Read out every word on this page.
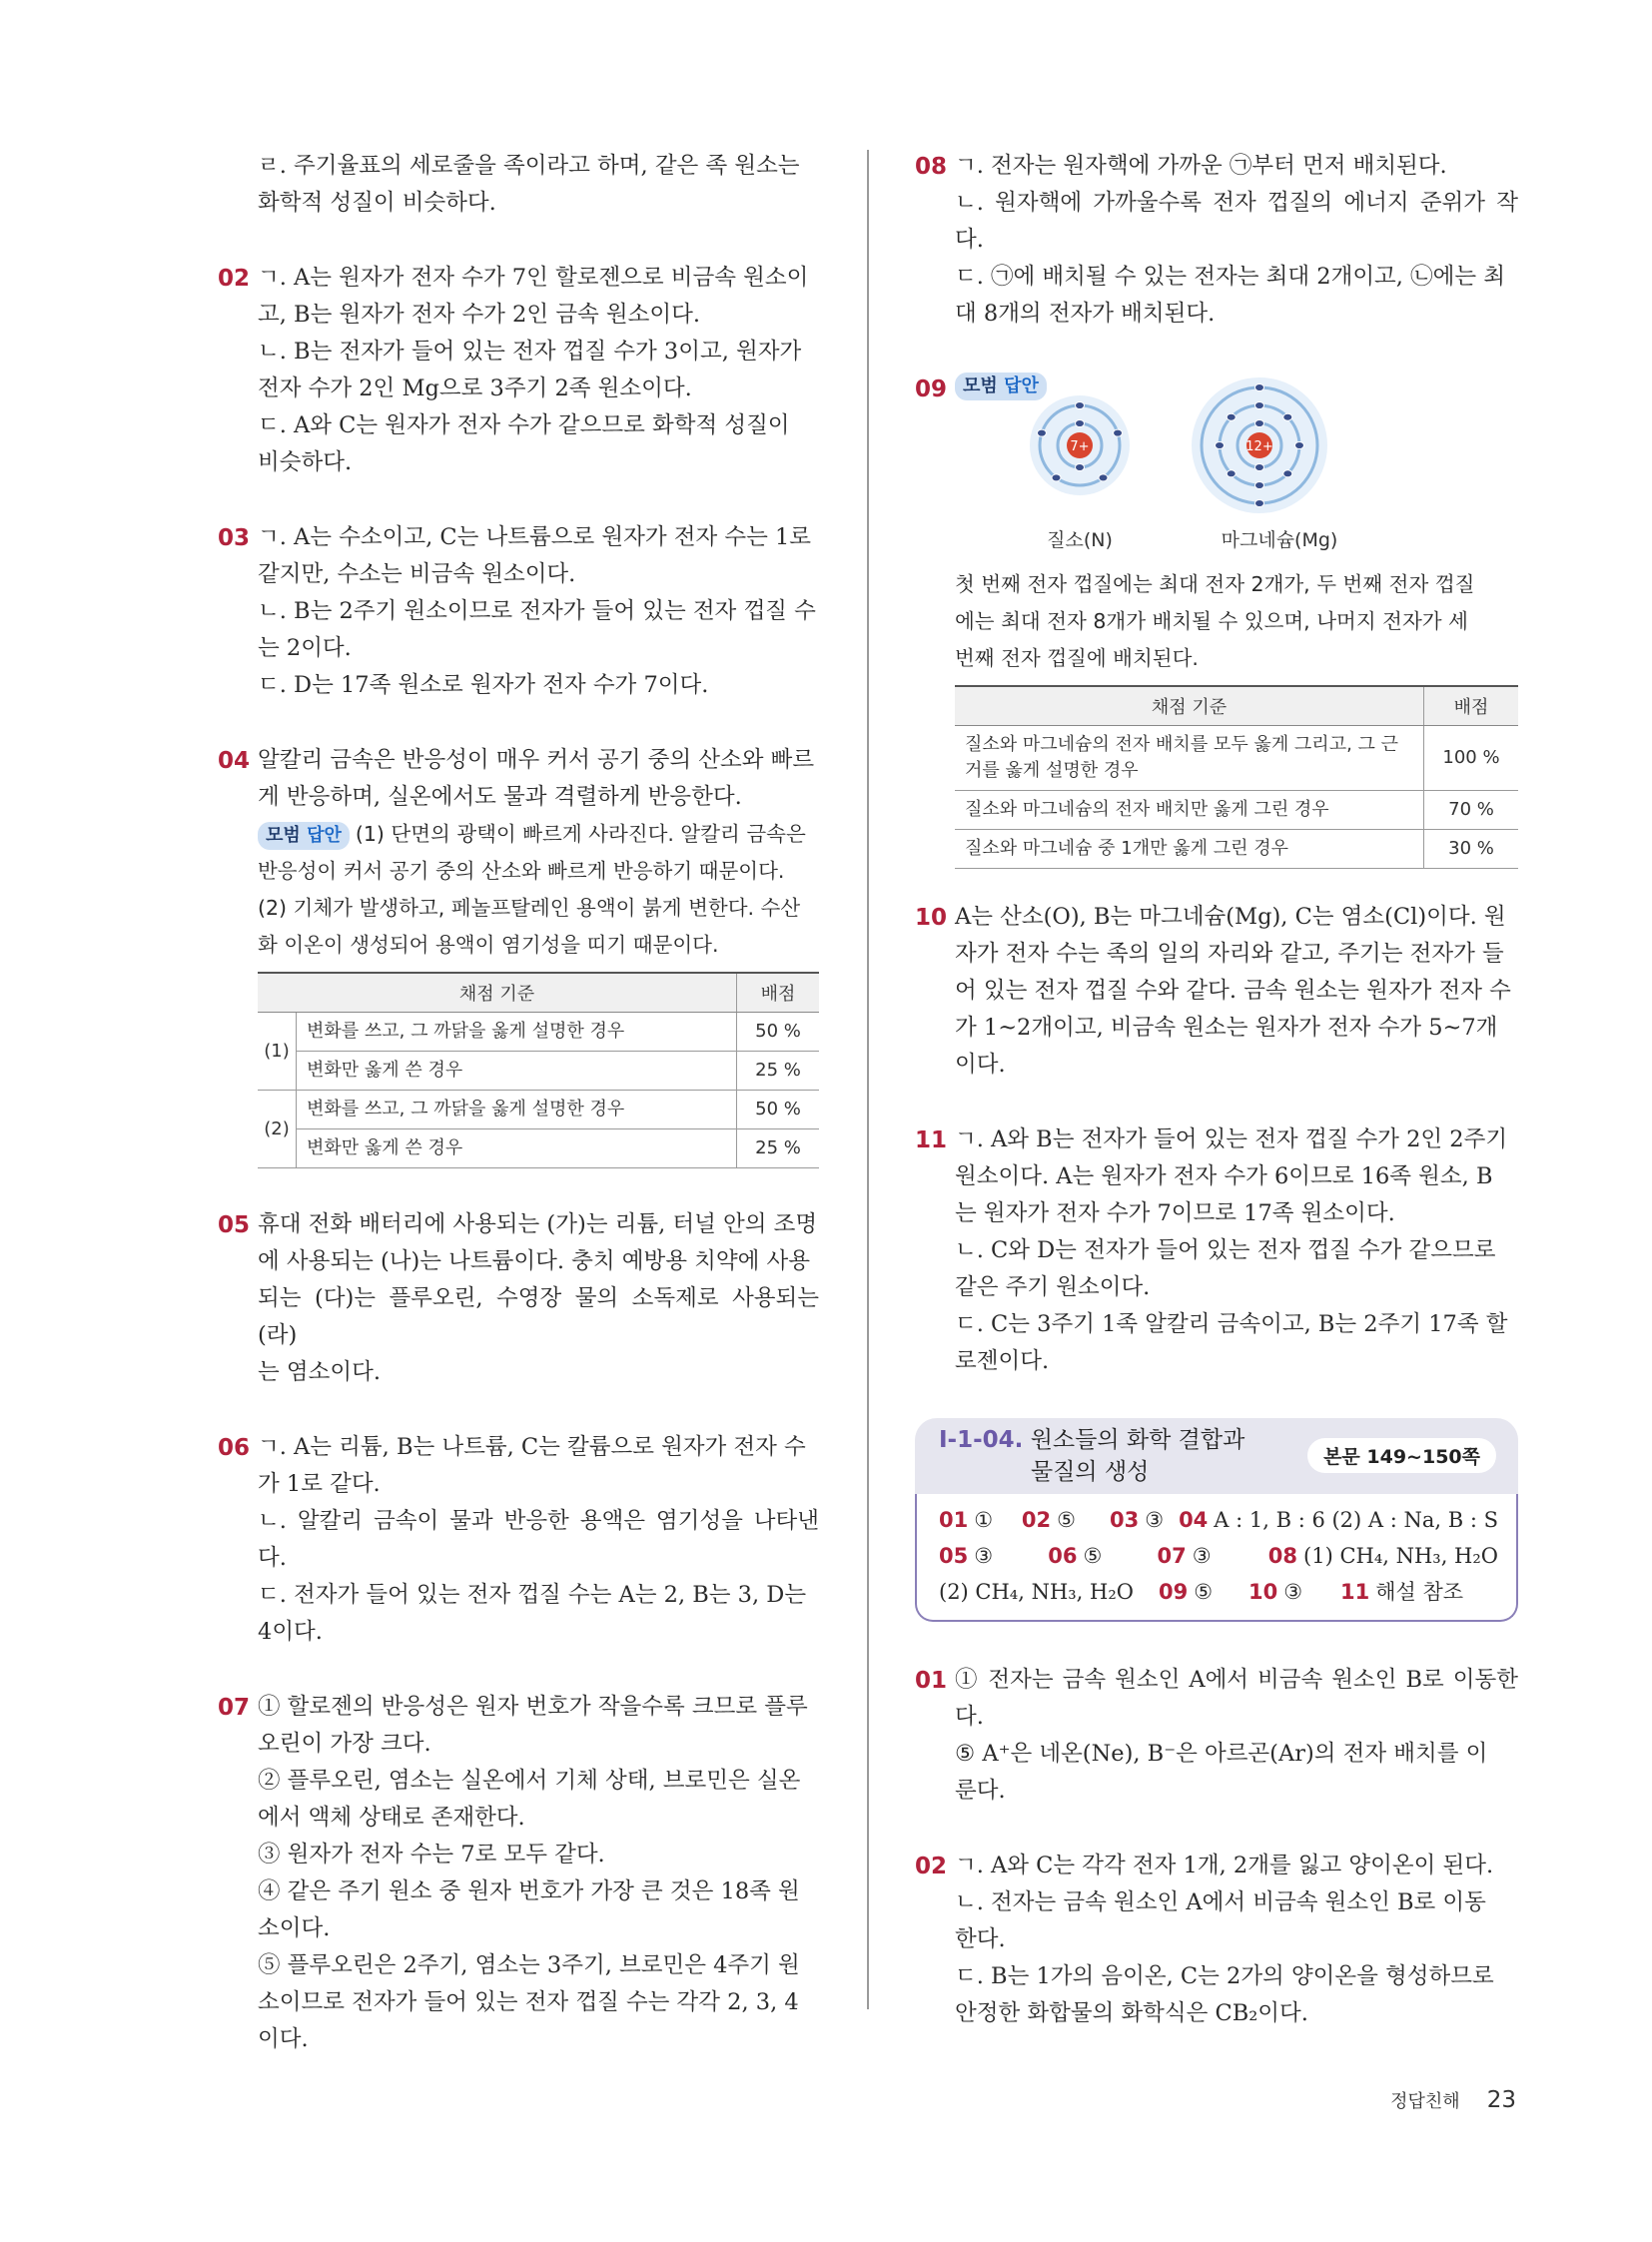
ㄹ. 주기율표의 세로줄을 족이라고 하며, 같은 족 원소는
화학적 성질이 비슷하다.

02 ㄱ. A는 원자가 전자 수가 7인 할로젠으로 비금속 원소이
고, B는 원자가 전자 수가 2인 금속 원소이다.
ㄴ. B는 전자가 들어 있는 전자 껍질 수가 3이고, 원자가
전자 수가 2인 Mg으로 3주기 2족 원소이다.
ㄷ. A와 C는 원자가 전자 수가 같으므로 화학적 성질이
비슷하다.

03 ㄱ. A는 수소이고, C는 나트륨으로 원자가 전자 수는 1로
같지만, 수소는 비금속 원소이다.
ㄴ. B는 2주기 원소이므로 전자가 들어 있는 전자 껍질 수
는 2이다.
ㄷ. D는 17족 원소로 원자가 전자 수가 7이다.

04 알칼리 금속은 반응성이 매우 커서 공기 중의 산소와 빠르
게 반응하며, 실온에서도 물과 격렬하게 반응한다.

모범 답안 (1) 단면의 광택이 빠르게 사라진다. 알칼리 금속은
반응성이 커서 공기 중의 산소와 빠르게 반응하기 때문이다.
(2) 기체가 발생하고, 페놀프탈레인 용액이 붉게 변한다. 수산
화 이온이 생성되어 용액이 염기성을 띠기 때문이다.

채점 기준		배점
(1)	변화를 쓰고, 그 까닭을 옳게 설명한 경우	50 %
	변화만 옳게 쓴 경우	25 %
(2)	변화를 쓰고, 그 까닭을 옳게 설명한 경우	50 %
	변화만 옳게 쓴 경우	25 %
05 휴대 전화 배터리에 사용되는 (가)는 리튬, 터널 안의 조명
에 사용되는 (나)는 나트륨이다. 충치 예방용 치약에 사용
되는 (다)는 플루오린, 수영장 물의 소독제로 사용되는 (라)
는 염소이다.

06 ㄱ. A는 리튬, B는 나트륨, C는 칼륨으로 원자가 전자 수
가 1로 같다.
ㄴ. 알칼리 금속이 물과 반응한 용액은 염기성을 나타낸다.
ㄷ. 전자가 들어 있는 전자 껍질 수는 A는 2, B는 3, D는
4이다.

07 ① 할로젠의 반응성은 원자 번호가 작을수록 크므로 플루
오린이 가장 크다.
② 플루오린, 염소는 실온에서 기체 상태, 브로민은 실온
에서 액체 상태로 존재한다.
③ 원자가 전자 수는 7로 모두 같다.
④ 같은 주기 원소 중 원자 번호가 가장 큰 것은 18족 원
소이다.
⑤ 플루오린은 2주기, 염소는 3주기, 브로민은 4주기 원
소이므로 전자가 들어 있는 전자 껍질 수는 각각 2, 3, 4
이다.

08 ㄱ. 전자는 원자핵에 가까운 ㉠부터 먼저 배치된다.
ㄴ. 원자핵에 가까울수록 전자 껍질의 에너지 준위가 작다.
ㄷ. ㉠에 배치될 수 있는 전자는 최대 2개이고, ㉡에는 최
대 8개의 전자가 배치된다.

09 모범 답안
7+	12+
질소(N)	마그네슘(Mg)

첫 번째 전자 껍질에는 최대 전자 2개가, 두 번째 전자 껍질
에는 최대 전자 8개가 배치될 수 있으며, 나머지 전자가 세
번째 전자 껍질에 배치된다.

채점 기준	배점
질소와 마그네슘의 전자 배치를 모두 옳게 그리고, 그 근거를 옳게 설명한 경우	100 %
질소와 마그네슘의 전자 배치만 옳게 그린 경우	70 %
질소와 마그네슘 중 1개만 옳게 그린 경우	30 %
10 A는 산소(O), B는 마그네슘(Mg), C는 염소(Cl)이다. 원
자가 전자 수는 족의 일의 자리와 같고, 주기는 전자가 들
어 있는 전자 껍질 수와 같다. 금속 원소는 원자가 전자 수
가 1~2개이고, 비금속 원소는 원자가 전자 수가 5~7개
이다.

11 ㄱ. A와 B는 전자가 들어 있는 전자 껍질 수가 2인 2주기
원소이다. A는 원자가 전자 수가 6이므로 16족 원소, B
는 원자가 전자 수가 7이므로 17족 원소이다.
ㄴ. C와 D는 전자가 들어 있는 전자 껍질 수가 같으므로
같은 주기 원소이다.
ㄷ. C는 3주기 1족 알칼리 금속이고, B는 2주기 17족 할
로젠이다.

Ⅰ-1-04. 원소들의 화학 결합과
물질의 생성
본문 149~150쪽
01 ①	02 ⑤	03 ③ 04 A : 1, B : 6 (2) A : Na, B : S
05 ③	06 ⑤	07 ③	08 (1) CH₄, NH₃, H₂O
(2) CH₄, NH₃, H₂O	09 ⑤	10 ③	11 해설 참조
01 ① 전자는 금속 원소인 A에서 비금속 원소인 B로 이동한다.
⑤ A⁺은 네온(Ne), B⁻은 아르곤(Ar)의 전자 배치를 이
룬다.

02 ㄱ. A와 C는 각각 전자 1개, 2개를 잃고 양이온이 된다.
ㄴ. 전자는 금속 원소인 A에서 비금속 원소인 B로 이동
한다.
ㄷ. B는 1가의 음이온, C는 2가의 양이온을 형성하므로
안정한 화합물의 화학식은 CB₂이다.

정답친해 23
